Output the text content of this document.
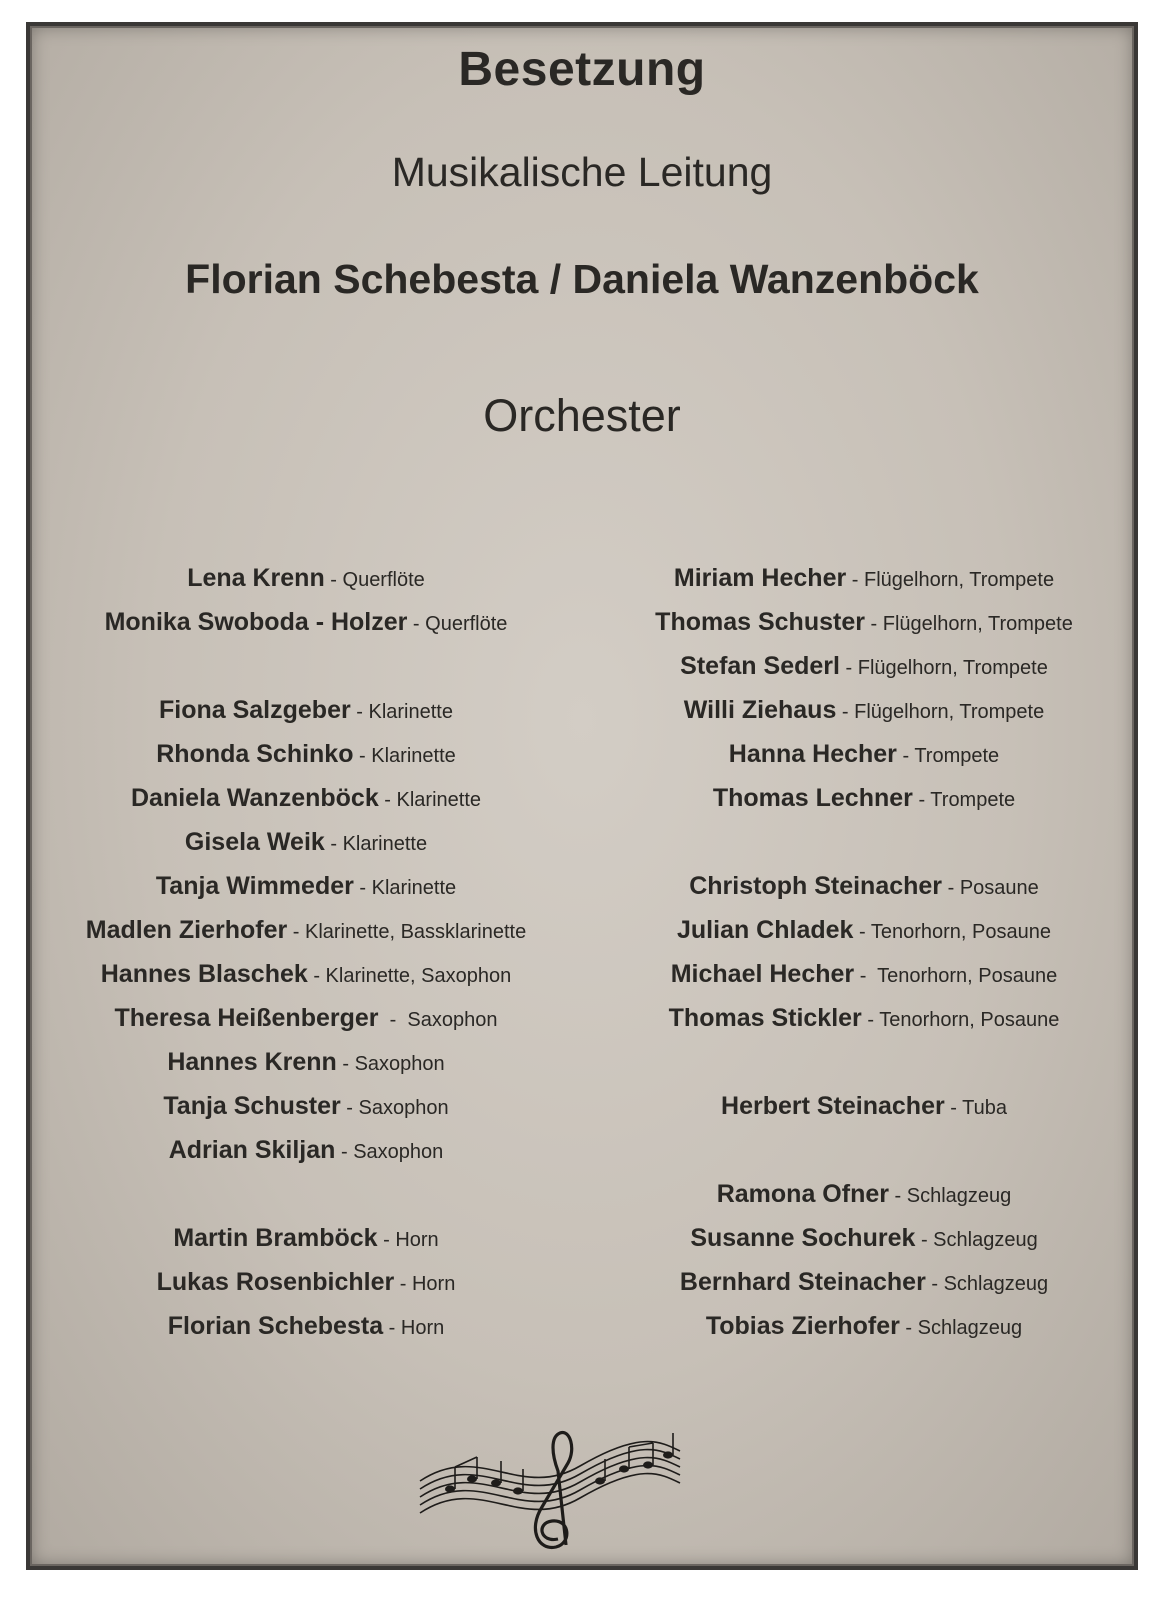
Besetzung
Musikalische Leitung
Florian Schebesta / Daniela Wanzenböck
Orchester
Lena Krenn - Querflöte
Monika Swoboda - Holzer - Querflöte
Fiona Salzgeber - Klarinette
Rhonda Schinko - Klarinette
Daniela Wanzenböck - Klarinette
Gisela Weik - Klarinette
Tanja Wimmeder - Klarinette
Madlen Zierhofer - Klarinette, Bassklarinette
Hannes Blaschek - Klarinette, Saxophon
Theresa Heißenberger  -  Saxophon
Hannes Krenn - Saxophon
Tanja Schuster - Saxophon
Adrian Skiljan - Saxophon
Martin Bramböck - Horn
Lukas Rosenbichler - Horn
Florian Schebesta - Horn
Miriam Hecher - Flügelhorn, Trompete
Thomas Schuster - Flügelhorn, Trompete
Stefan Sederl - Flügelhorn, Trompete
Willi Ziehaus - Flügelhorn, Trompete
Hanna Hecher - Trompete
Thomas Lechner - Trompete
Christoph Steinacher - Posaune
Julian Chladek - Tenorhorn, Posaune
Michael Hecher -  Tenorhorn, Posaune
Thomas Stickler - Tenorhorn, Posaune
Herbert Steinacher - Tuba
Ramona Ofner - Schlagzeug
Susanne Sochurek - Schlagzeug
Bernhard Steinacher - Schlagzeug
Tobias Zierhofer - Schlagzeug
